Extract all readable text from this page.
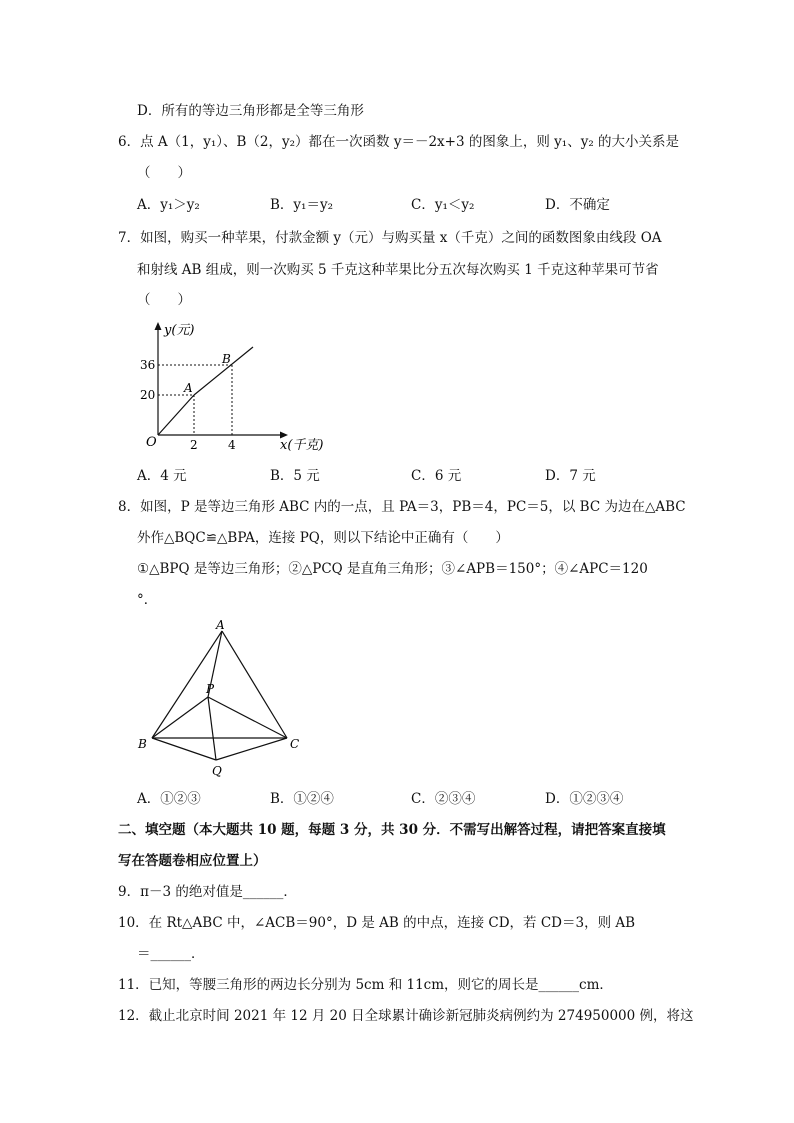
D．所有的等边三角形都是全等三角形
6．点 A（1，y₁）、B（2，y₂）都在一次函数 y＝－2x+3 的图象上，则 y₁、y₂ 的大小关系是
（　　）
A．y₁＞y₂	B．y₁＝y₂	C．y₁＜y₂	D．不确定
7．如图，购买一种苹果，付款金额 y（元）与购买量 x（千克）之间的函数图象由线段 OA
和射线 AB 组成，则一次购买 5 千克这种苹果比分五次每次购买 1 千克这种苹果可节省
（　　）
y(元)
x(千克)
O
A
B
20
36
2	4
A．4 元	B．5 元	C．6 元	D．7 元
8．如图，P 是等边三角形 ABC 内的一点，且 PA＝3，PB＝4，PC＝5，以 BC 为边在△ABC
外作△BQC≌△BPA，连接 PQ，则以下结论中正确有（　　）
①△BPQ 是等边三角形；②△PCQ 是直角三角形；③∠APB＝150°；④∠APC＝120
°．
A
P
B	C
Q
A．①②③	B．①②④	C．②③④	D．①②③④
二、填空题（本大题共 10 题，每题 3 分，共 30 分．不需写出解答过程，请把答案直接填
写在答题卷相应位置上）
9．π－3 的绝对值是______．
10．在 Rt△ABC 中，∠ACB＝90°，D 是 AB 的中点，连接 CD，若 CD＝3，则 AB
＝______．
11．已知，等腰三角形的两边长分别为 5cm 和 11cm，则它的周长是______cm．
12．截止北京时间 2021 年 12 月 20 日全球累计确诊新冠肺炎病例约为 274950000 例，将这
